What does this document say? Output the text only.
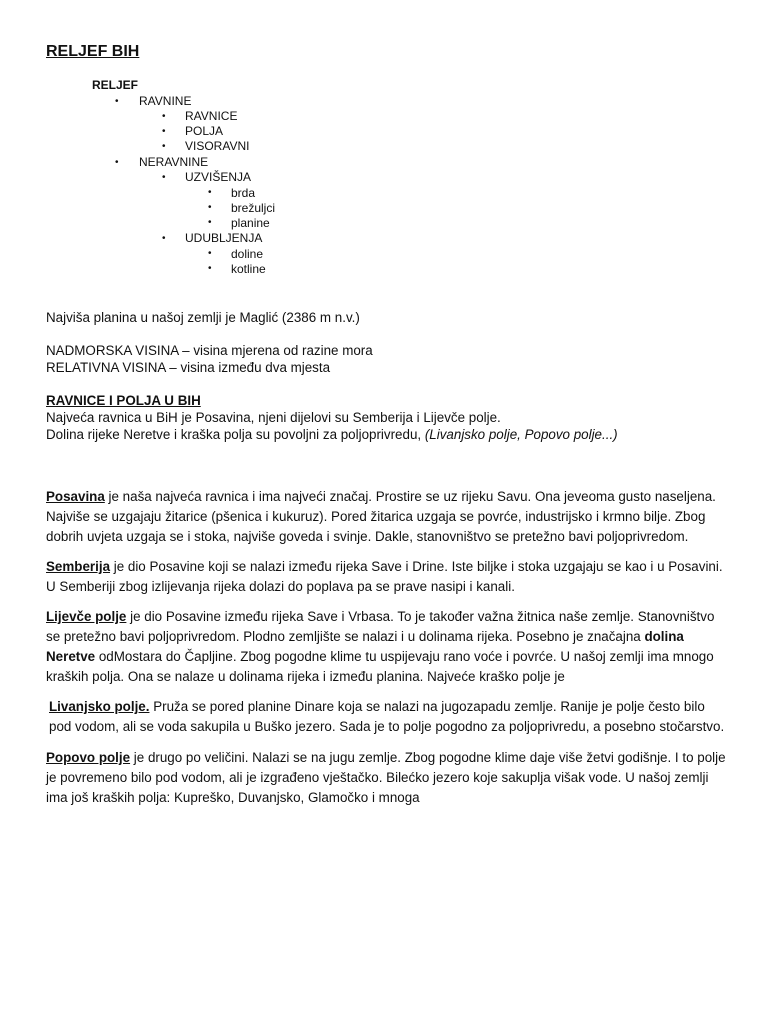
RELJEF BIH
RELJEF
• RAVNINE
• RAVNICE
• POLJA
• VISORAVNI
• NERAVNINE
• UZVIŠENJA
• brda
• brežuljci
• planine
• UDUBLJENJA
• doline
• kotline
Najviša planina u našoj zemlji je Maglić (2386 m n.v.)
NADMORSKA VISINA – visina mjerena od razine mora
RELATIVNA VISINA – visina između dva mjesta
RAVNICE I POLJA U BIH
Najveća ravnica u BiH je Posavina, njeni dijelovi su Semberija i Lijevče polje.
Dolina rijeke Neretve i kraška polja su povoljni za poljoprivredu, (Livanjsko polje, Popovo polje...)
Posavina je naša najveća ravnica i ima najveći značaj. Prostire se uz rijeku Savu. Ona jeveoma gusto naseljena. Najviše se uzgajaju žitarice (pšenica i kukuruz). Pored žitarica uzgaja se povrće, industrijsko i krmno bilje. Zbog dobrih uvjeta uzgaja se i stoka, najviše goveda i svinje. Dakle, stanovništvo se pretežno bavi poljoprivredom.
Semberija je dio Posavine koji se nalazi između rijeka Save i Drine. Iste biljke i stoka uzgajaju se kao i u Posavini. U Semberiji zbog izlijevanja rijeka dolazi do poplava pa se prave nasipi i kanali.
Lijevče polje je dio Posavine između rijeka Save i Vrbasa. To je također važna žitnica naše zemlje. Stanovništvo se pretežno bavi poljoprivredom. Plodno zemljište se nalazi i u dolinama rijeka. Posebno je značajna dolina Neretve odMostara do Čapljine. Zbog pogodne klime tu uspijevaju rano voće i povrće. U našoj zemlji ima mnogo kraških polja. Ona se nalaze u dolinama rijeka i između planina. Najveće kraško polje je
Livanjsko polje. Pruža se pored planine Dinare koja se nalazi na jugozapadu zemlje. Ranije je polje često bilo pod vodom, ali se voda sakupila u Buško jezero. Sada je to polje pogodno za poljoprivredu, a posebno stočarstvo.
Popovo polje je drugo po veličini. Nalazi se na jugu zemlje. Zbog pogodne klime daje više žetvi godišnje. I to polje je povremeno bilo pod vodom, ali je izgrađeno vještačko. Bilećko jezero koje sakuplja višak vode. U našoj zemlji ima još kraških polja: Kupreško, Duvanjsko, Glamočko i mnoga
